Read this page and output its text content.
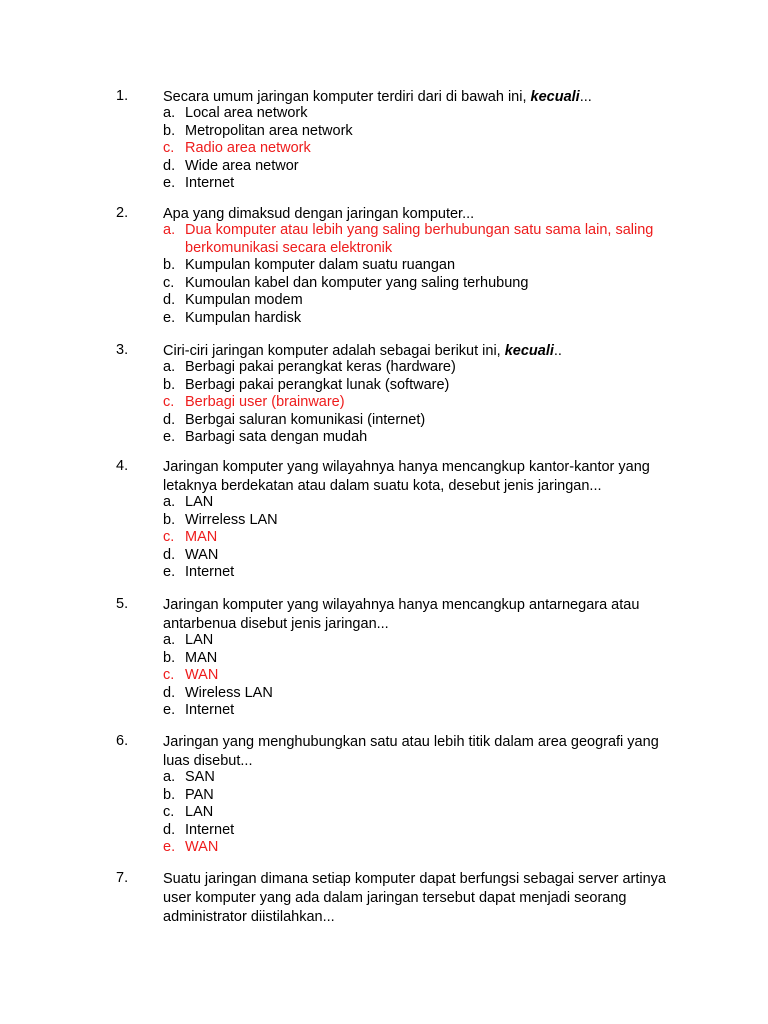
1. Secara umum jaringan komputer terdiri dari di bawah ini, kecuali...
a. Local area network
b. Metropolitan area network
c. Radio area network
d. Wide area networ
e. Internet
2. Apa yang dimaksud dengan jaringan komputer...
a. Dua komputer atau lebih yang saling berhubungan satu sama lain, saling berkomunikasi secara elektronik
b. Kumpulan komputer dalam suatu ruangan
c. Kumoulan kabel dan komputer yang saling terhubung
d. Kumpulan modem
e. Kumpulan hardisk
3. Ciri-ciri jaringan komputer adalah sebagai berikut ini, kecuali..
a. Berbagi pakai perangkat keras (hardware)
b. Berbagi pakai perangkat lunak (software)
c. Berbagi user (brainware)
d. Berbgai saluran komunikasi (internet)
e. Barbagi sata dengan mudah
4. Jaringan komputer yang wilayahnya hanya mencangkup kantor-kantor yang letaknya berdekatan atau dalam suatu kota, desebut jenis jaringan...
a. LAN
b. Wirreless LAN
c. MAN
d. WAN
e. Internet
5. Jaringan komputer yang wilayahnya hanya mencangkup antarnegara atau antarbenua disebut jenis jaringan...
a. LAN
b. MAN
c. WAN
d. Wireless LAN
e. Internet
6. Jaringan yang menghubungkan satu atau lebih titik dalam area geografi yang luas disebut...
a. SAN
b. PAN
c. LAN
d. Internet
e. WAN
7. Suatu jaringan dimana setiap komputer dapat berfungsi sebagai server artinya user komputer yang ada dalam jaringan tersebut dapat menjadi seorang administrator diistilahkan...
